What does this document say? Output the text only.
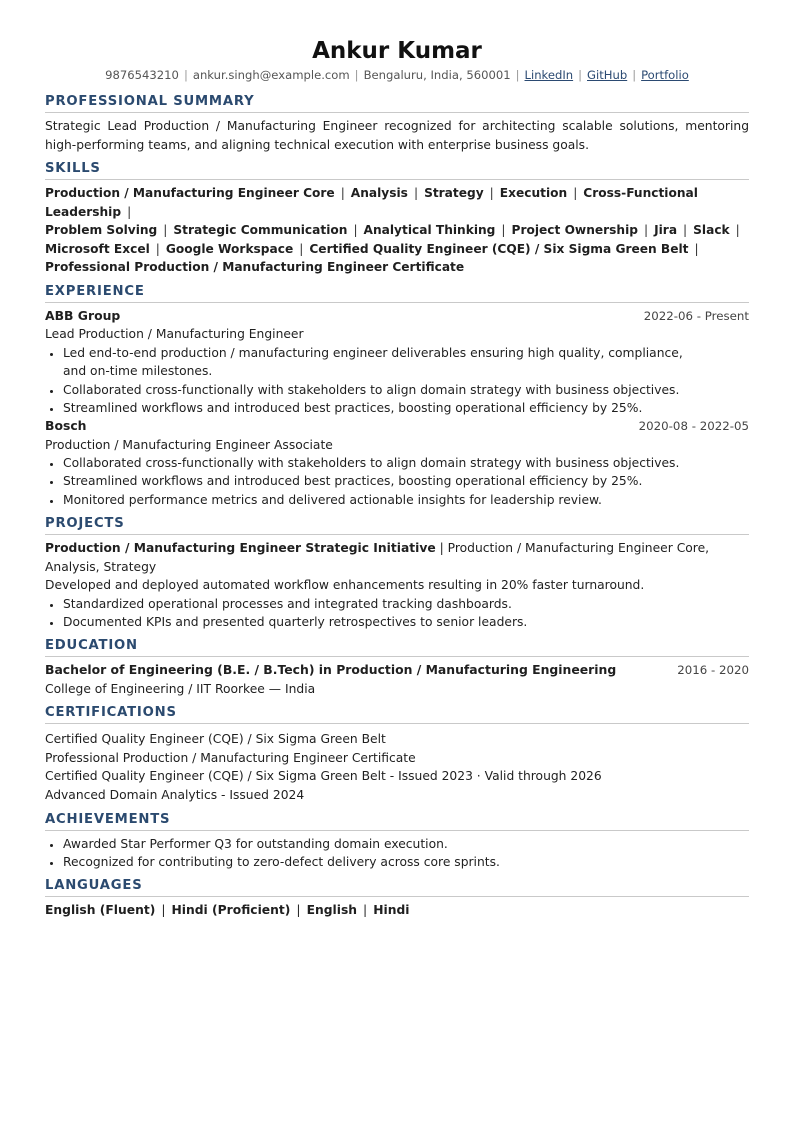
Ankur Kumar
9876543210 | ankur.singh@example.com | Bengaluru, India, 560001 | LinkedIn | GitHub | Portfolio
PROFESSIONAL SUMMARY

Strategic Lead Production / Manufacturing Engineer recognized for architecting scalable solutions, mentoring high-performing teams, and aligning technical execution with enterprise business goals.

SKILLS

Production / Manufacturing Engineer Core | Analysis | Strategy | Execution | Cross-Functional Leadership |
Problem Solving | Strategic Communication | Analytical Thinking | Project Ownership | Jira | Slack |
Microsoft Excel | Google Workspace | Certified Quality Engineer (CQE) / Six Sigma Green Belt |
Professional Production / Manufacturing Engineer Certificate

EXPERIENCE
ABB Group	2022-06 - Present
Lead Production / Manufacturing Engineer
• Led end-to-end production / manufacturing engineer deliverables ensuring high quality, compliance, and on-time milestones.
• Collaborated cross-functionally with stakeholders to align domain strategy with business objectives.
• Streamlined workflows and introduced best practices, boosting operational efficiency by 25%.
Bosch	2020-08 - 2022-05
Production / Manufacturing Engineer Associate
• Collaborated cross-functionally with stakeholders to align domain strategy with business objectives.
• Streamlined workflows and introduced best practices, boosting operational efficiency by 25%.
• Monitored performance metrics and delivered actionable insights for leadership review.
PROJECTS
Production / Manufacturing Engineer Strategic Initiative | Production / Manufacturing Engineer Core, Analysis, Strategy
Developed and deployed automated workflow enhancements resulting in 20% faster turnaround.
• Standardized operational processes and integrated tracking dashboards.
• Documented KPIs and presented quarterly retrospectives to senior leaders.
EDUCATION
Bachelor of Engineering (B.E. / B.Tech) in Production / Manufacturing Engineering	2016 - 2020
College of Engineering / IIT Roorkee — India
CERTIFICATIONS
Certified Quality Engineer (CQE) / Six Sigma Green Belt
Professional Production / Manufacturing Engineer Certificate
Certified Quality Engineer (CQE) / Six Sigma Green Belt - Issued 2023 · Valid through 2026
Advanced Domain Analytics - Issued 2024
ACHIEVEMENTS
• Awarded Star Performer Q3 for outstanding domain execution.
• Recognized for contributing to zero-defect delivery across core sprints.
LANGUAGES
English (Fluent) | Hindi (Proficient) | English | Hindi
